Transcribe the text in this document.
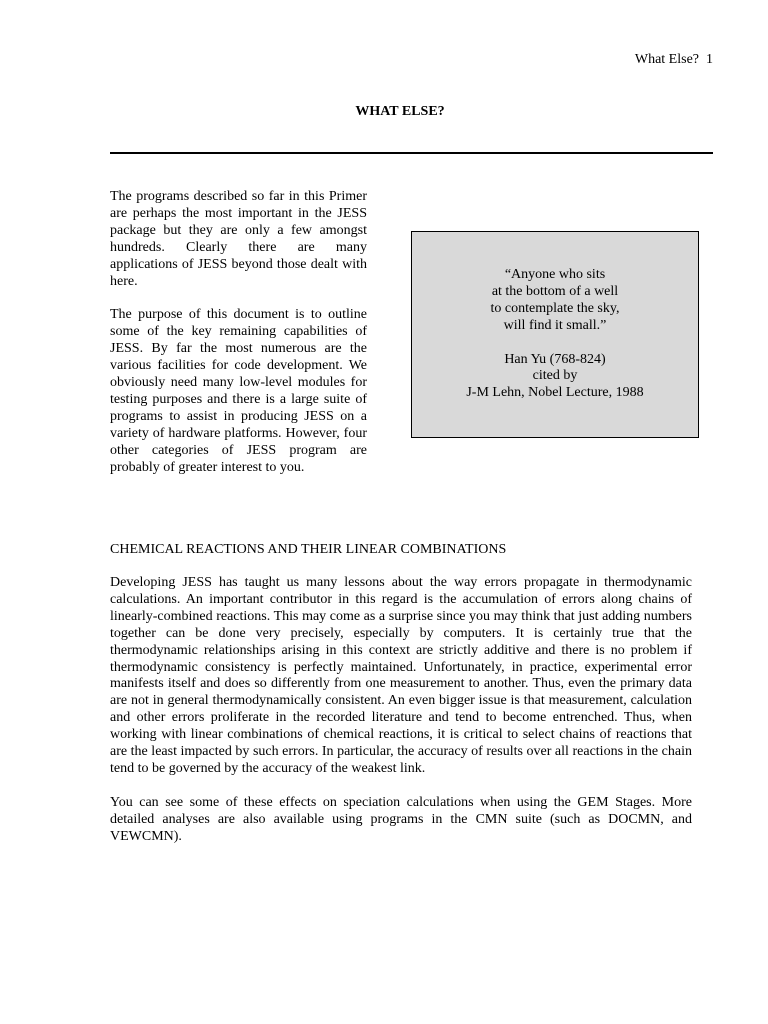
What Else? 1
WHAT ELSE?

The programs described so far in this Primer are perhaps the most important in the JESS package but they are only a few amongst hundreds. Clearly there are many applications of JESS beyond those dealt with here.

The purpose of this document is to outline some of the key remaining capabilities of JESS. By far the most numerous are the various facilities for code development. We obviously need many low-level modules for testing purposes and there is a large suite of programs to assist in producing JESS on a variety of hardware platforms. However, four other categories of JESS program are probably of greater interest to you.

“Anyone who sits
at the bottom of a well
to contemplate the sky,
will find it small.”
Han Yu (768-824)
cited by
J-M Lehn, Nobel Lecture, 1988
CHEMICAL REACTIONS AND THEIR LINEAR COMBINATIONS

Developing JESS has taught us many lessons about the way errors propagate in thermodynamic calculations. An important contributor in this regard is the accumulation of errors along chains of linearly-combined reactions. This may come as a surprise since you may think that just adding numbers together can be done very precisely, especially by computers. It is certainly true that the thermodynamic relationships arising in this context are strictly additive and there is no problem if thermodynamic consistency is perfectly maintained. Unfortunately, in practice, experimental error manifests itself and does so differently from one measurement to another. Thus, even the primary data are not in general thermodynamically consistent. An even bigger issue is that measurement, calculation and other errors proliferate in the recorded literature and tend to become entrenched. Thus, when working with linear combinations of chemical reactions, it is critical to select chains of reactions that are the least impacted by such errors. In particular, the accuracy of results over all reactions in the chain tend to be governed by the accuracy of the weakest link.

You can see some of these effects on speciation calculations when using the GEM Stages. More detailed analyses are also available using programs in the CMN suite (such as DOCMN, and VEWCMN).
